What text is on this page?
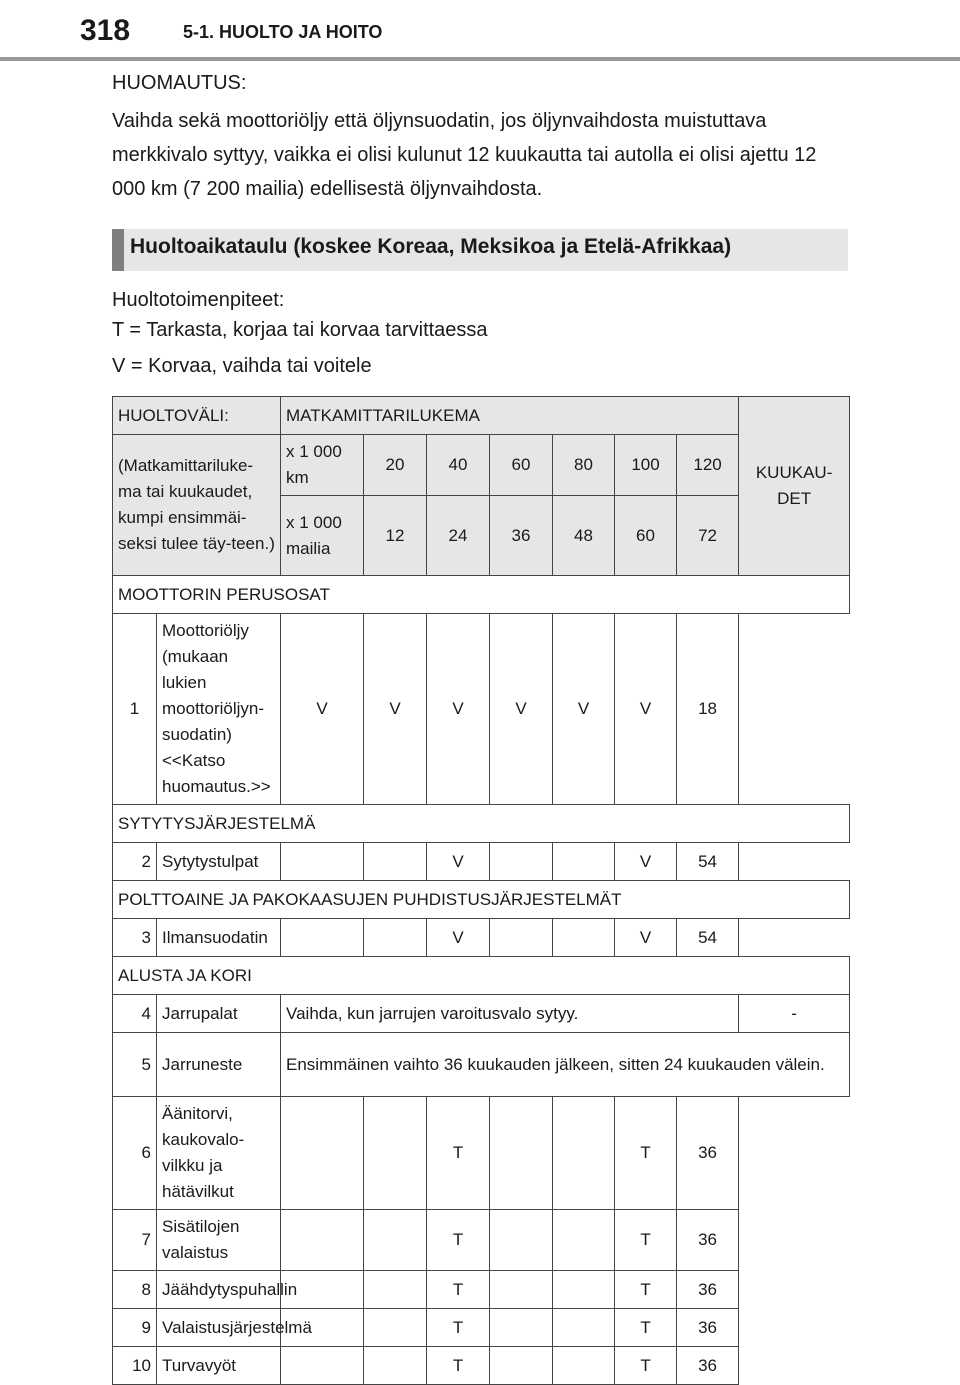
318	5-1. HUOLTO JA HOITO
HUOMAUTUS:
Vaihda sekä moottoriöljy että öljynsuodatin, jos öljynvaihdosta muistuttava merkkivalo syttyy, vaikka ei olisi kulunut 12 kuukautta tai autolla ei olisi ajettu 12 000 km (7 200 mailia) edellisestä öljynvaihdosta.
Huoltoaikataulu (koskee Koreaa, Meksikoa ja Etelä-Afrikkaa)
Huoltotoimenpiteet:
T = Tarkasta, korjaa tai korvaa tarvittaessa
V = Korvaa, vaihda tai voitele
HUOLTOVÄLI:		MATKAMITTARILUKEMA							KUUKAU-DET
(Matkamittariluke-ma tai kuukaudet, kumpi ensimmäi-seksi tulee täy-teen.)		x 1 000 km	20	40	60	80	100	120	
		x 1 000 mailia	12	24	36	48	60	72	
MOOTTORIN PERUSOSAT									
1	Moottoriöljy (mukaan lukien moottoriöljyn-suodatin) <<Katso huomautus.>>	V	V	V	V	V	V	18	
SYTYTYSJÄRJESTELMÄ									
2	Sytytystulpat			V			V	54	
POLTTOAINE JA PAKOKAASUJEN PUHDISTUSJÄRJESTELMÄT									
3	Ilmansuodatin			V			V	54	
ALUSTA JA KORI									
4	Jarrupalat	Vaihda, kun jarrujen varoitusvalo sytyy.							-
5	Jarruneste	Ensimmäinen vaihto 36 kuukauden jälkeen, sitten 24 kuukauden välein.							
6	Äänitorvi, kaukovalo-vilkku ja hätävilkut			T			T	36	
7	Sisätilojen valaistus			T			T	36	
8	Jäähdytyspuhallin			T			T	36	
9	Valaistusjärjestelmä			T			T	36	
10	Turvavyöt			T			T	36	
